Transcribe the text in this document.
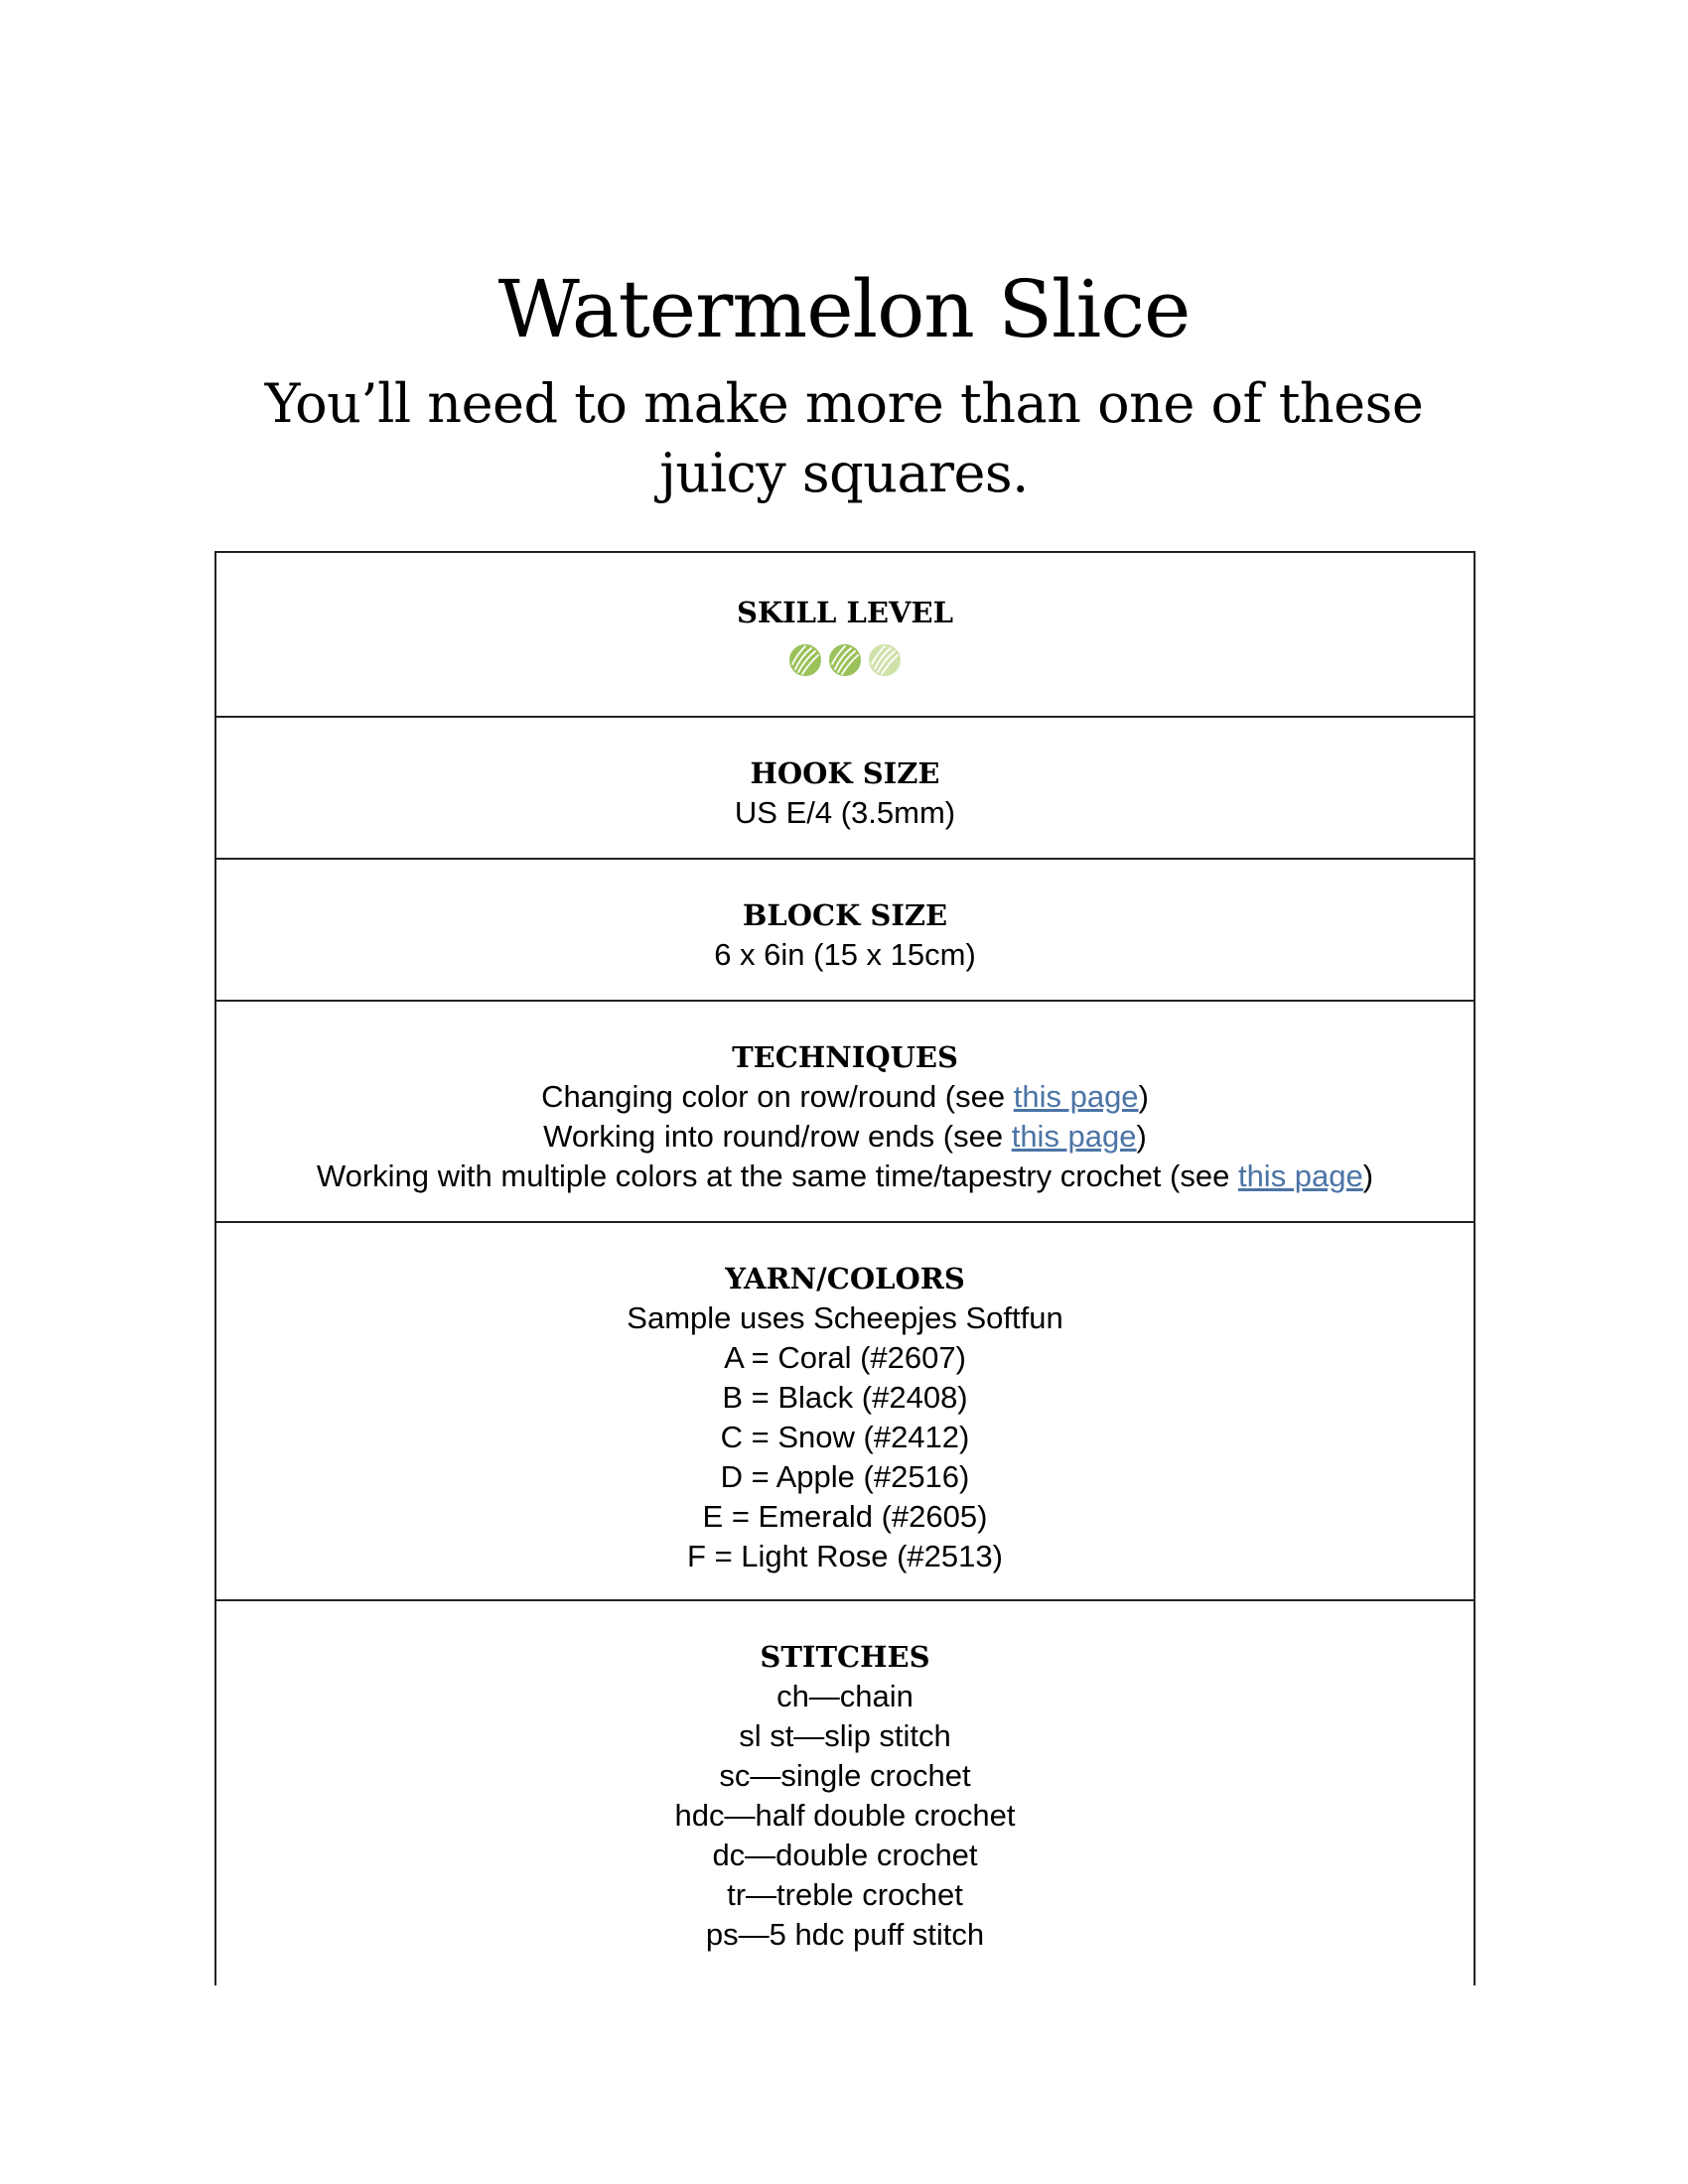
Watermelon Slice
You’ll need to make more than one of these juicy squares.
SKILL LEVEL
HOOK SIZE
US E/4 (3.5mm)
BLOCK SIZE
6 x 6in (15 x 15cm)
TECHNIQUES
Changing color on row/round (see this page)
Working into round/row ends (see this page)
Working with multiple colors at the same time/tapestry crochet (see this page)
YARN/COLORS
Sample uses Scheepjes Softfun
A = Coral (#2607)
B = Black (#2408)
C = Snow (#2412)
D = Apple (#2516)
E = Emerald (#2605)
F = Light Rose (#2513)
STITCHES
ch—chain
sl st—slip stitch
sc—single crochet
hdc—half double crochet
dc—double crochet
tr—treble crochet
ps—5 hdc puff stitch
